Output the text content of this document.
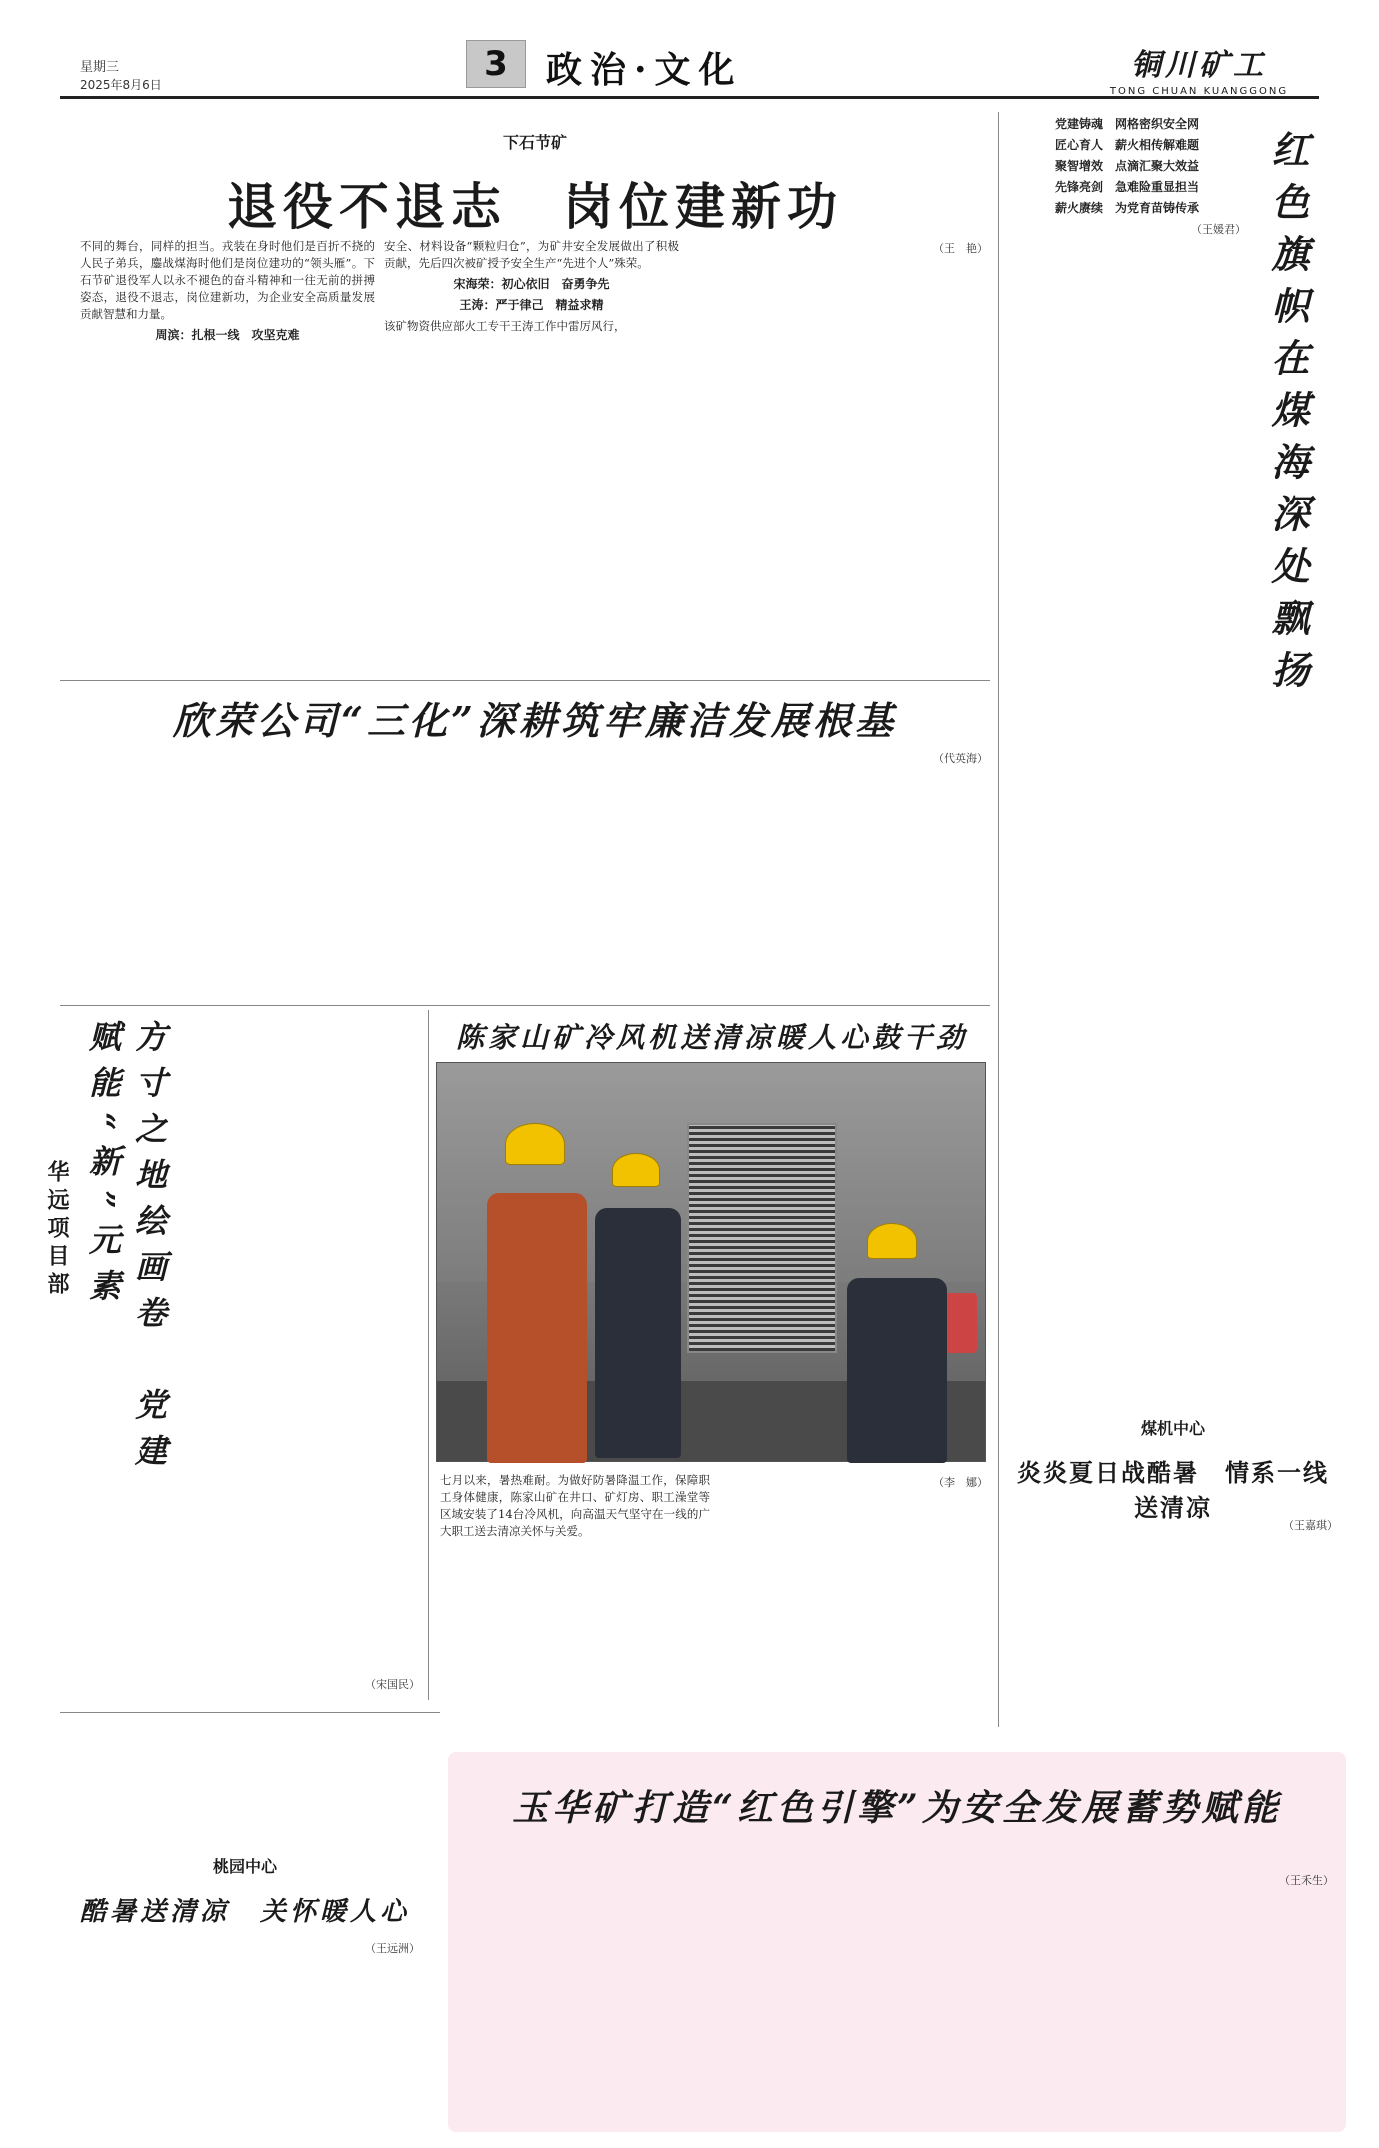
星期三
2025年8月6日
3	政治·文化	铜川矿工
TONG CHUAN KUANGGONG
下石节矿
退役不退志　岗位建新功
不同的舞台，同样的担当。戎装在身时他们是百折不挠的人民子弟兵，鏖战煤海时他们是岗位建功的“领头雁”。下石节矿退役军人以永不褪色的奋斗精神和一往无前的拼搏姿态，退役不退志，岗位建新功，为企业安全高质量发展贡献智慧和力量。
周滨：扎根一线　攻坚克难
安全、材料设备“颗粒归仓”，为矿井安全发展做出了积极贡献，先后四次被矿授予安全生产“先进个人”殊荣。
宋海荣：初心依旧　奋勇争先
王涛：严于律己　精益求精
该矿物资供应部火工专干王涛工作中雷厉风行，
（王　艳）
党建铸魂　网格密织安全网
匠心育人　薪火相传解难题
聚智增效　点滴汇聚大效益
先锋亮剑　急难险重显担当
薪火赓续　为党育苗铸传承
（王媛君） 红色旗帜在煤海深处飘扬
欣荣公司“三化”深耕筑牢廉洁发展根基
（代英海）
方寸之地绘画卷　党建赋能“新”元素
华远项目部
（宋国民）
陈家山矿冷风机送清凉暖人心鼓干劲
七月以来，暑热难耐。为做好防暑降温工作，保障职工身体健康，陈家山矿在井口、矿灯房、职工澡堂等区域安装了14台冷风机，向高温天气坚守在一线的广大职工送去清凉关怀与关爱。
（李　娜）
煤机中心
炎炎夏日战酷暑　情系一线送清凉
（王嘉琪）
桃园中心
酷暑送清凉　关怀暖人心
（王远洲）
玉华矿打造“红色引擎”为安全发展蓄势赋能
（王禾生）
